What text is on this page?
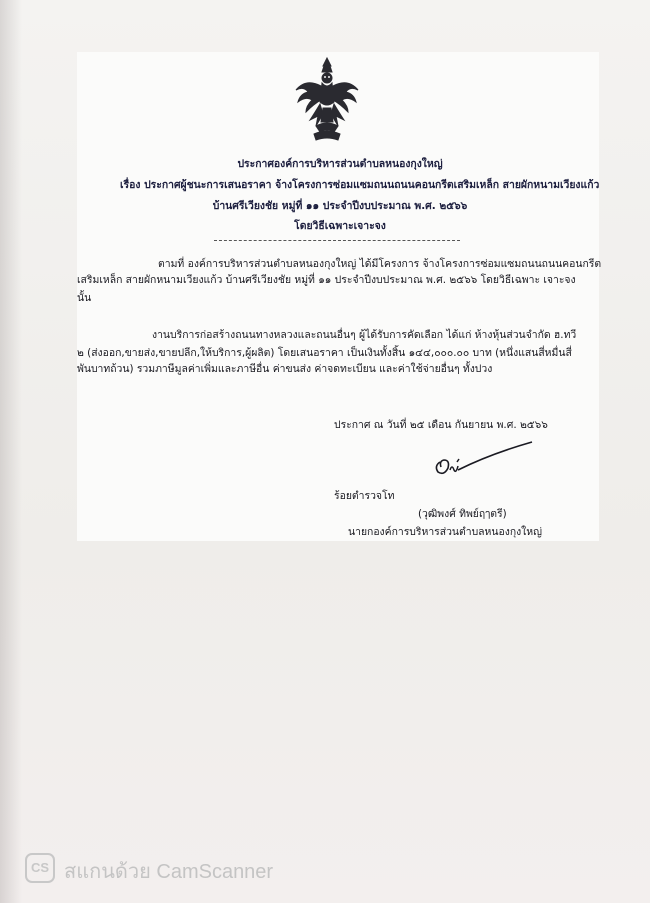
ประกาศองค์การบริหารส่วนตำบลหนองกุงใหญ่
เรื่อง ประกาศผู้ชนะการเสนอราคา จ้างโครงการซ่อมแซมถนนถนนคอนกรีตเสริมเหล็ก สายผักหนามเวียงแก้ว
บ้านศรีเวียงชัย หมู่ที่ ๑๑ ประจำปีงบประมาณ พ.ศ. ๒๕๖๖
โดยวิธีเฉพาะเจาะจง
ตามที่ องค์การบริหารส่วนตำบลหนองกุงใหญ่ ได้มีโครงการ จ้างโครงการซ่อมแซมถนนถนนคอนกรีต
เสริมเหล็ก สายผักหนามเวียงแก้ว บ้านศรีเวียงชัย หมู่ที่ ๑๑ ประจำปีงบประมาณ พ.ศ. ๒๕๖๖ โดยวิธีเฉพาะ เจาะจง
นั้น
งานบริการก่อสร้างถนนทางหลวงและถนนอื่นๆ ผู้ได้รับการคัดเลือก ได้แก่ ห้างหุ้นส่วนจำกัด ฮ.ทวี
๒ (ส่งออก,ขายส่ง,ขายปลีก,ให้บริการ,ผู้ผลิต) โดยเสนอราคา เป็นเงินทั้งสิ้น ๑๔๔,๐๐๐.๐๐ บาท (หนึ่งแสนสี่หมื่นสี่
พันบาทถ้วน) รวมภาษีมูลค่าเพิ่มและภาษีอื่น ค่าขนส่ง ค่าจดทะเบียน และค่าใช้จ่ายอื่นๆ ทั้งปวง
ประกาศ ณ วันที่ ๒๕ เดือน กันยายน พ.ศ. ๒๕๖๖
ร้อยตำรวจโท
(วุฒิพงศ์ ทิพย์ฤๅตรี)
นายกองค์การบริหารส่วนตำบลหนองกุงใหญ่
CS สแกนด้วย CamScanner
